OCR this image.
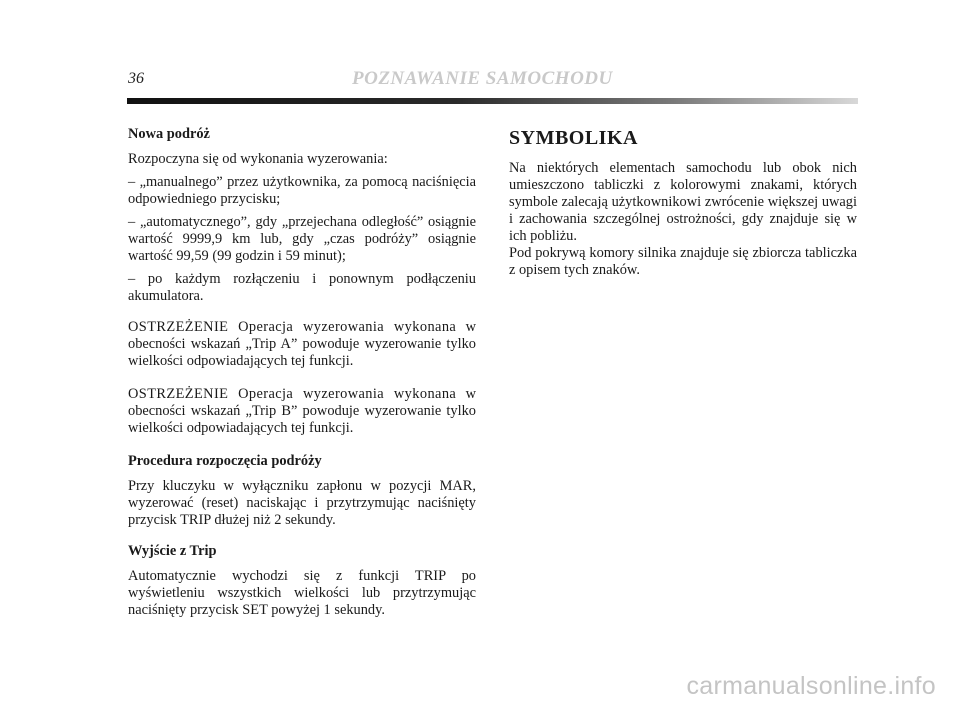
36	POZNAWANIE SAMOCHODU

Nowa podróż

Rozpoczyna się od wykonania wyzerowania:

– „manualnego” przez użytkownika, za pomocą naciśnięcia odpowiedniego przycisku;

– „automatycznego”, gdy „przejechana odległość” osiągnie wartość 9999,9 km lub, gdy „czas podróży” osiągnie wartość 99,59 (99 godzin i 59 minut);

– po każdym rozłączeniu i ponownym podłączeniu akumulatora.

OSTRZEŻENIE Operacja wyzerowania wykonana w obecności wskazań „Trip A” powoduje wyzerowanie tylko wielkości odpowiadających tej funkcji.

OSTRZEŻENIE Operacja wyzerowania wykonana w obecności wskazań „Trip B” powoduje wyzerowanie tylko wielkości odpowiadających tej funkcji.

Procedura rozpoczęcia podróży

Przy kluczyku w wyłączniku zapłonu w pozycji MAR, wyzerować (reset) naciskając i przytrzymując naciśnięty przycisk TRIP dłużej niż 2 sekundy.

Wyjście z Trip

Automatycznie wychodzi się z funkcji TRIP po wyświetleniu wszystkich wielkości lub przytrzymując naciśnięty przycisk SET powyżej 1 sekundy.

SYMBOLIKA

Na niektórych elementach samochodu lub obok nich umieszczono tabliczki z kolorowymi znakami, których symbole zalecają użytkownikowi zwrócenie większej uwagi i zachowania szczególnej ostrożności, gdy znajduje się w ich pobliżu.

Pod pokrywą komory silnika znajduje się zbiorcza tabliczka z opisem tych znaków.

carmanualsonline.info
